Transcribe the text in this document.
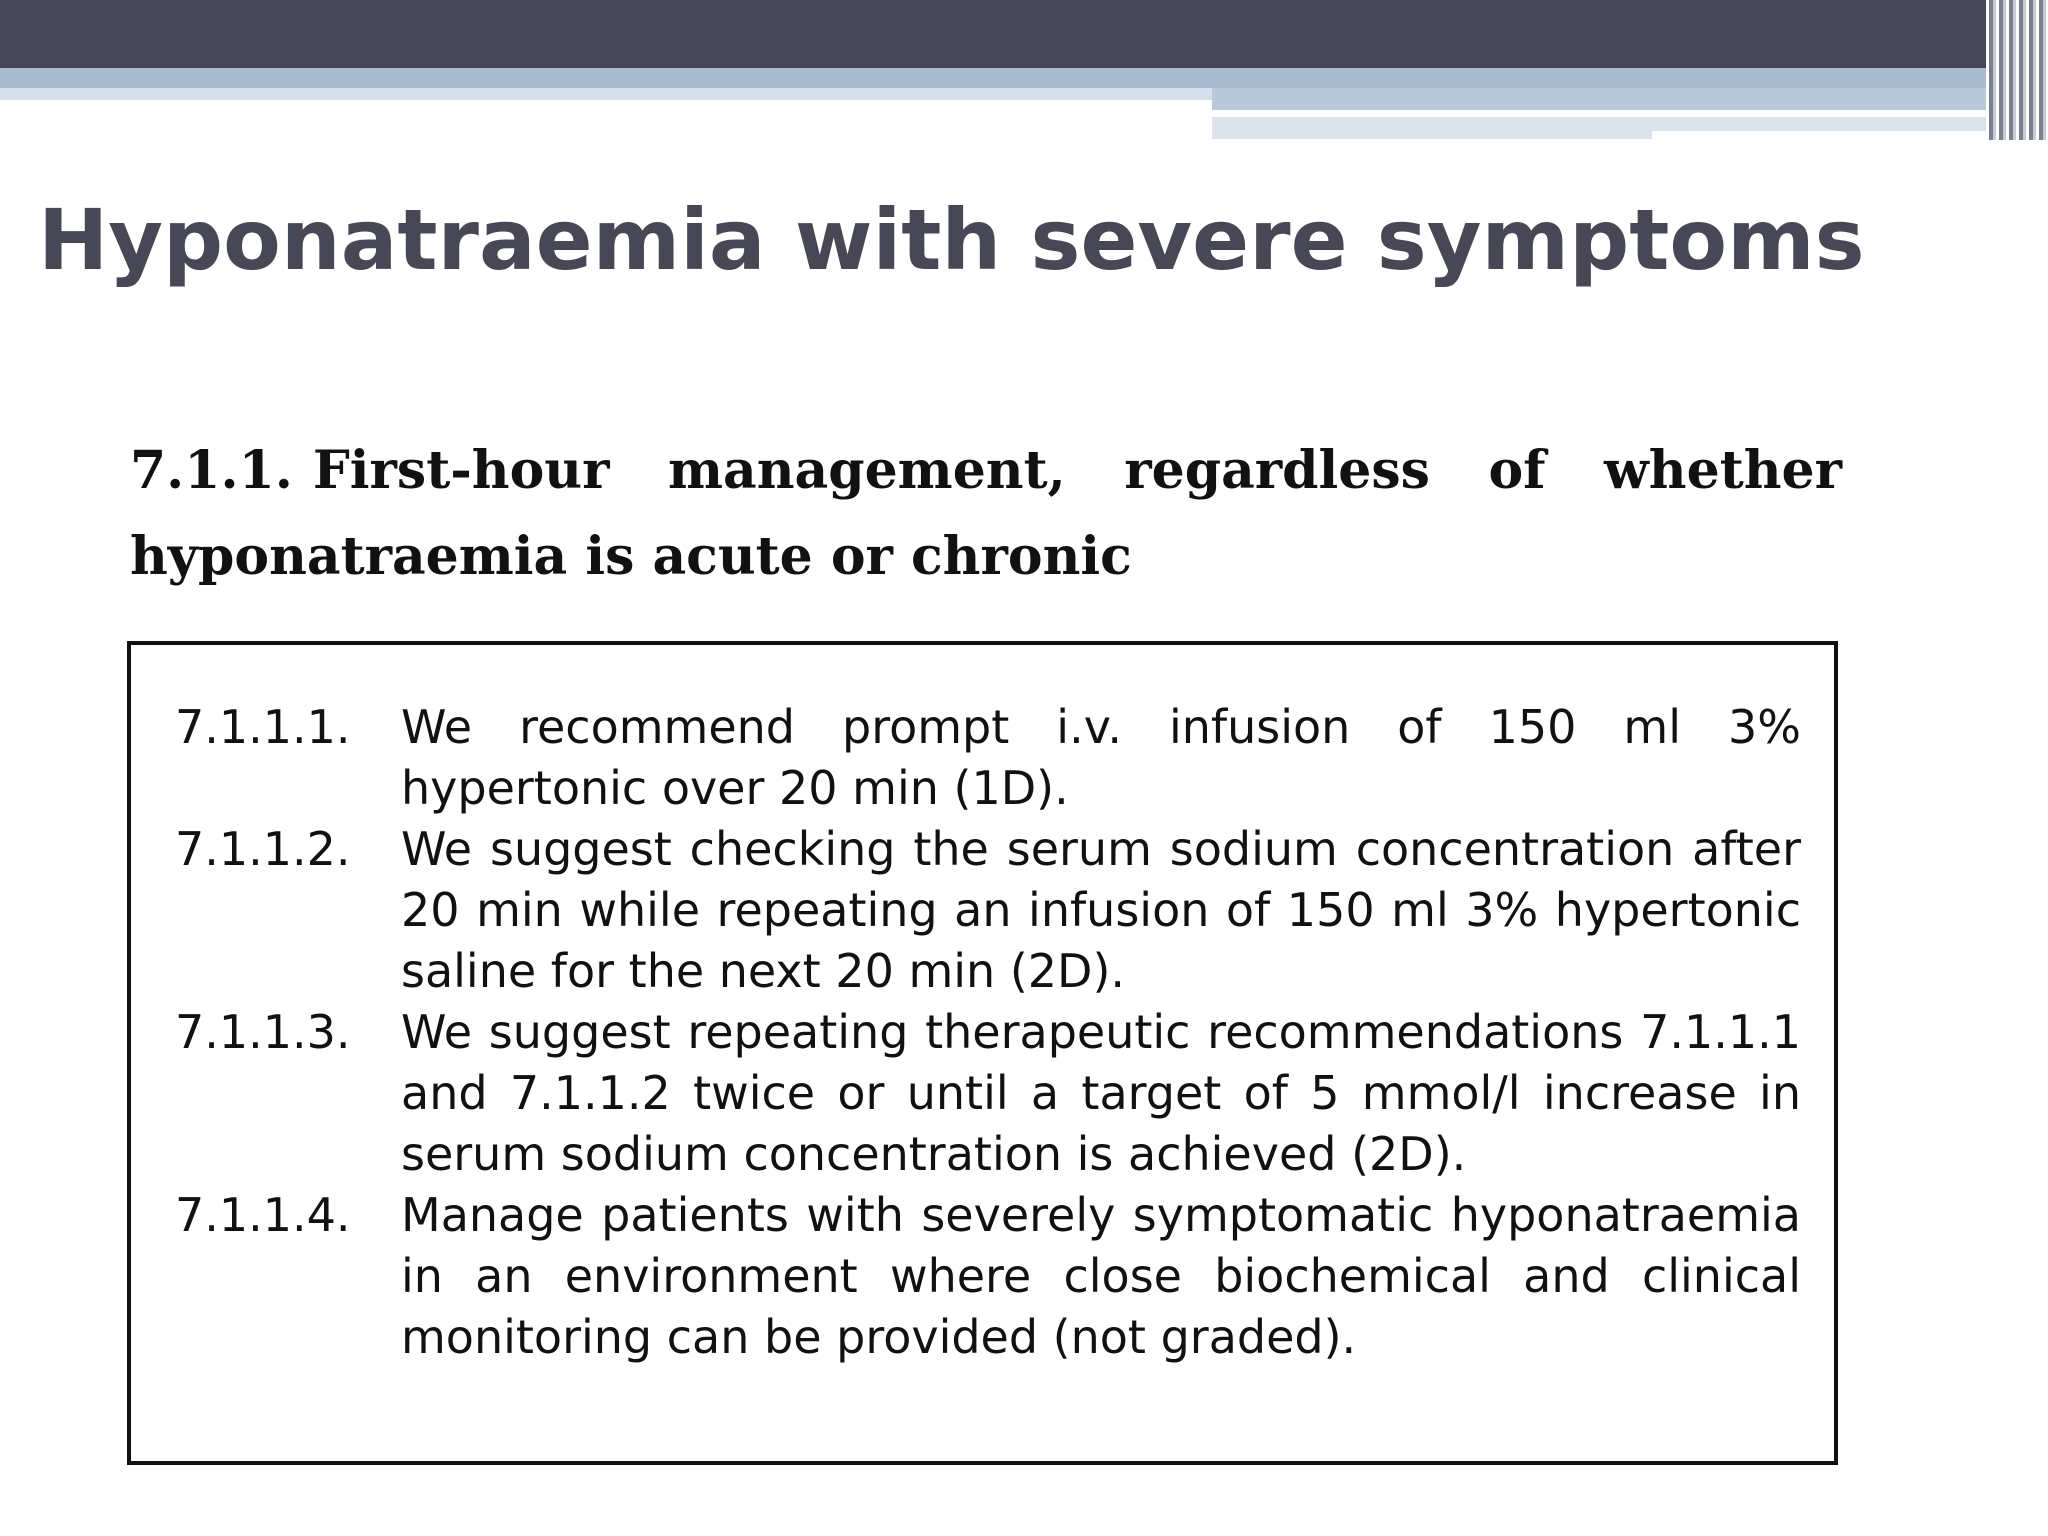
Hyponatraemia with severe symptoms
7.1.1. First-hour management, regardless of whether hyponatraemia is acute or chronic
7.1.1.1.	We recommend prompt i.v. infusion of 150 ml 3% hypertonic over 20 min (1D).
7.1.1.2.	We suggest checking the serum sodium concentration after 20 min while repeating an infusion of 150 ml 3% hypertonic saline for the next 20 min (2D).
7.1.1.3.	We suggest repeating therapeutic recommendations 7.1.1.1 and 7.1.1.2 twice or until a target of 5 mmol/l increase in serum sodium concentration is achieved (2D).
7.1.1.4.	Manage patients with severely symptomatic hyponatraemia in an environment where close biochemical and clinical monitoring can be provided (not graded).
